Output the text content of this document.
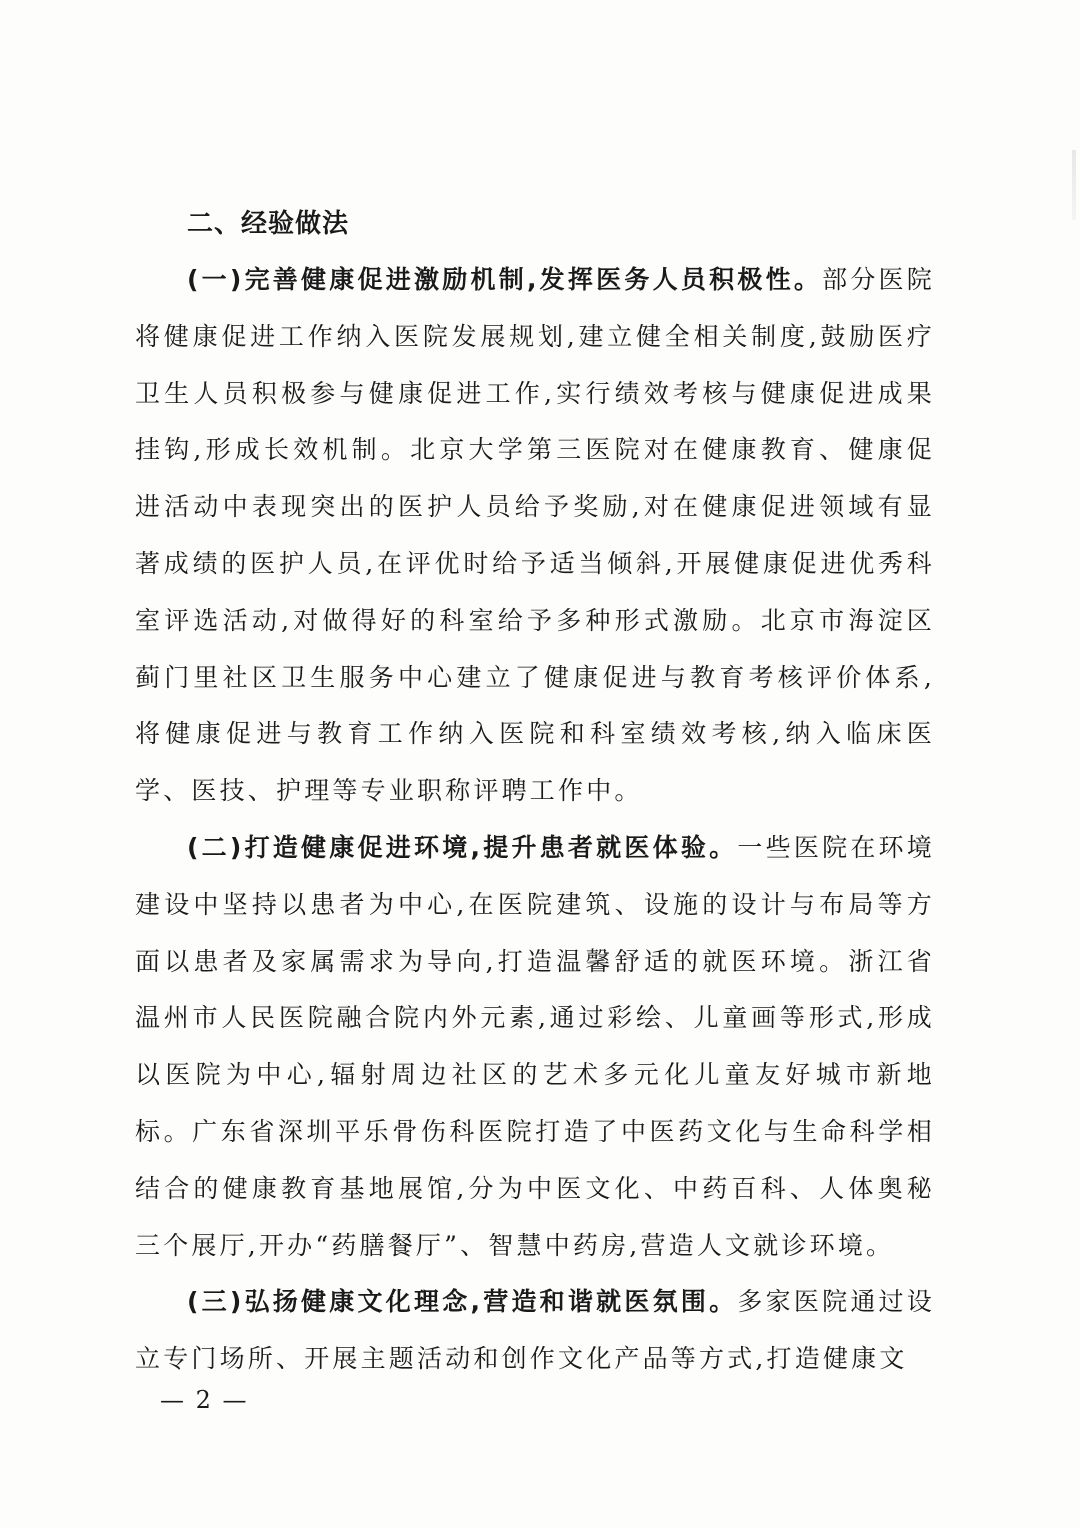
二、经验做法

(一)完善健康促进激励机制,发挥医务人员积极性。部分医院将健康促进工作纳入医院发展规划,建立健全相关制度,鼓励医疗卫生人员积极参与健康促进工作,实行绩效考核与健康促进成果挂钩,形成长效机制。北京大学第三医院对在健康教育、健康促进活动中表现突出的医护人员给予奖励,对在健康促进领域有显著成绩的医护人员,在评优时给予适当倾斜,开展健康促进优秀科室评选活动,对做得好的科室给予多种形式激励。北京市海淀区蓟门里社区卫生服务中心建立了健康促进与教育考核评价体系,将健康促进与教育工作纳入医院和科室绩效考核,纳入临床医学、医技、护理等专业职称评聘工作中。

(二)打造健康促进环境,提升患者就医体验。一些医院在环境建设中坚持以患者为中心,在医院建筑、设施的设计与布局等方面以患者及家属需求为导向,打造温馨舒适的就医环境。浙江省温州市人民医院融合院内外元素,通过彩绘、儿童画等形式,形成以医院为中心,辐射周边社区的艺术多元化儿童友好城市新地标。广东省深圳平乐骨伤科医院打造了中医药文化与生命科学相结合的健康教育基地展馆,分为中医文化、中药百科、人体奥秘三个展厅,开办“药膳餐厅”、智慧中药房,营造人文就诊环境。

(三)弘扬健康文化理念,营造和谐就医氛围。多家医院通过设立专门场所、开展主题活动和创作文化产品等方式,打造健康文

— 2 —
